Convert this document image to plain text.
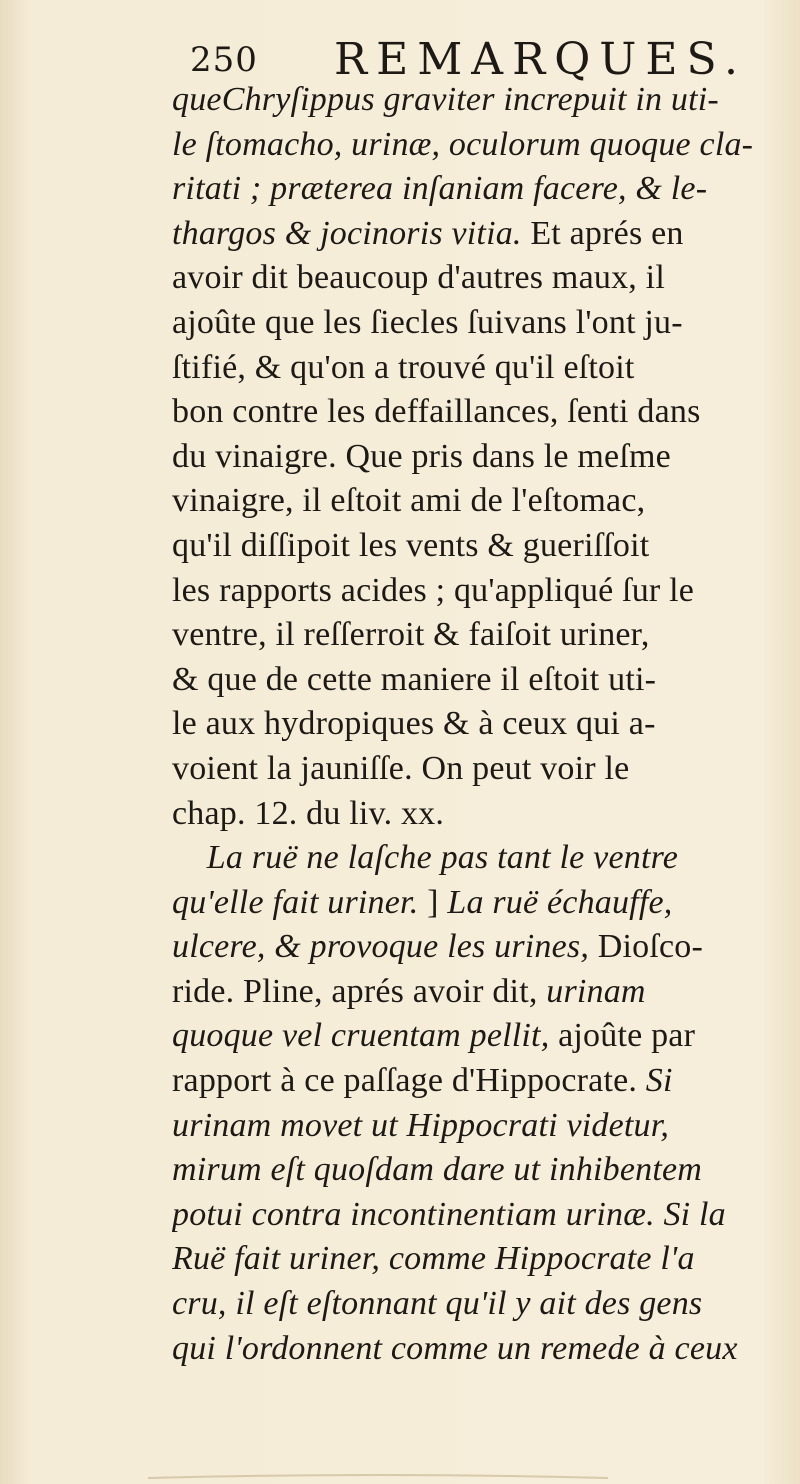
250 REMARQUES.
queChryſippus graviter increpuit in uti-
le ſtomacho, urinæ, oculorum quoque cla-
ritati ; præterea inſaniam facere, & le-
thargos & jocinoris vitia. Et aprés en
avoir dit beaucoup d'autres maux, il
ajoûte que les ſiecles ſuivans l'ont ju-
ſtifié, & qu'on a trouvé qu'il eſtoit
bon contre les deffaillances, ſenti dans
du vinaigre. Que pris dans le meſme
vinaigre, il eſtoit ami de l'eſtomac,
qu'il diſſipoit les vents & gueriſſoit
les rapports acides ; qu'appliqué ſur le
ventre, il reſſerroit & faiſoit uriner,
& que de cette maniere il eſtoit uti-
le aux hydropiques & à ceux qui a-
voient la jauniſſe. On peut voir le
chap. 12. du liv. xx.
La ruë ne laſche pas tant le ventre
qu'elle fait uriner. ] La ruë échauffe,
ulcere, & provoque les urines, Dioſco-
ride. Pline, aprés avoir dit, urinam
quoque vel cruentam pellit, ajoûte par
rapport à ce paſſage d'Hippocrate. Si
urinam movet ut Hippocrati videtur,
mirum eſt quoſdam dare ut inhibentem
potui contra incontinentiam urinæ. Si la
Ruë fait uriner, comme Hippocrate l'a
cru, il eſt eſtonnant qu'il y ait des gens
qui l'ordonnent comme un remede à ceux
